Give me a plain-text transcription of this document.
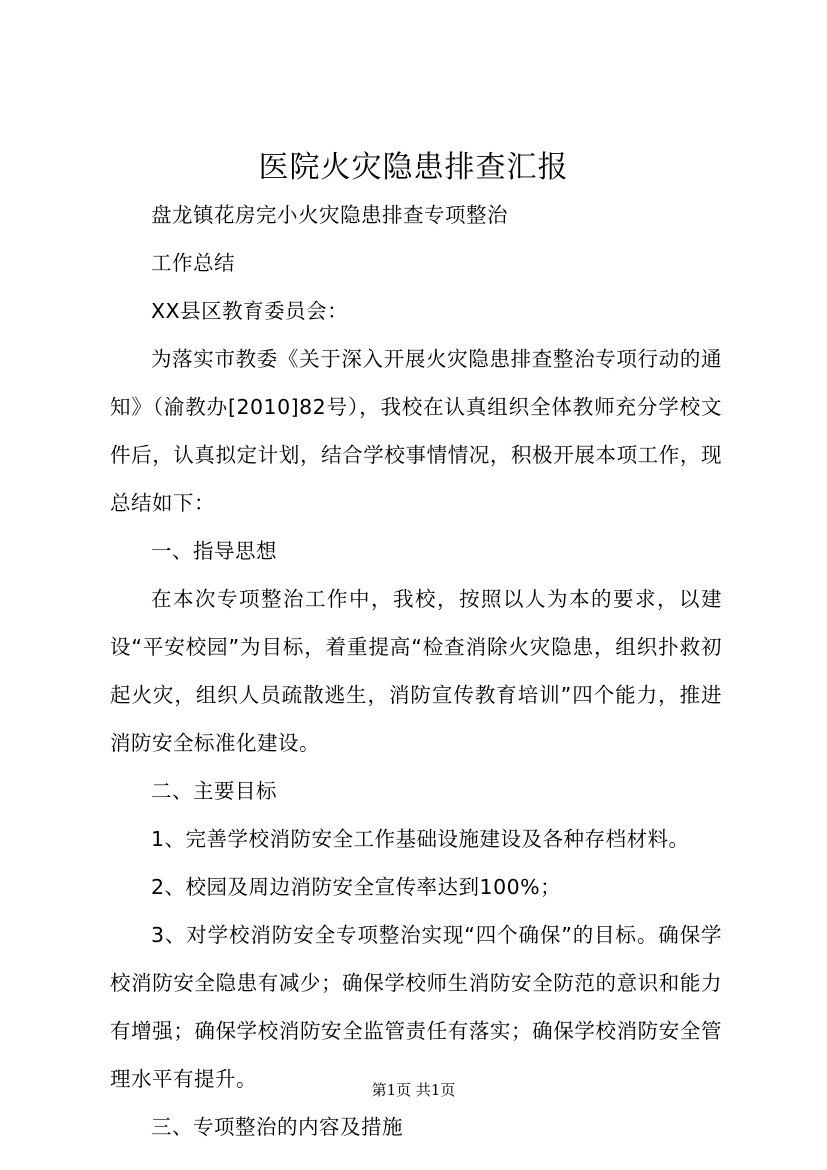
医院火灾隐患排查汇报

盘龙镇花房完小火灾隐患排查专项整治

工作总结

XX县区教育委员会：

为落实市教委《关于深入开展火灾隐患排查整治专项行动的通知》（渝教办[2010]82号），我校在认真组织全体教师充分学校文件后，认真拟定计划，结合学校事情情况，积极开展本项工作，现总结如下：

一、指导思想

在本次专项整治工作中，我校，按照以人为本的要求，以建设“平安校园”为目标，着重提高“检查消除火灾隐患，组织扑救初起火灾，组织人员疏散逃生，消防宣传教育培训”四个能力，推进消防安全标准化建设。

二、主要目标

1、完善学校消防安全工作基础设施建设及各种存档材料。

2、校园及周边消防安全宣传率达到100%；

3、对学校消防安全专项整治实现“四个确保”的目标。确保学校消防安全隐患有减少；确保学校师生消防安全防范的意识和能力有增强；确保学校消防安全监管责任有落实；确保学校消防安全管理水平有提升。

三、专项整治的内容及措施

第1页 共1页
